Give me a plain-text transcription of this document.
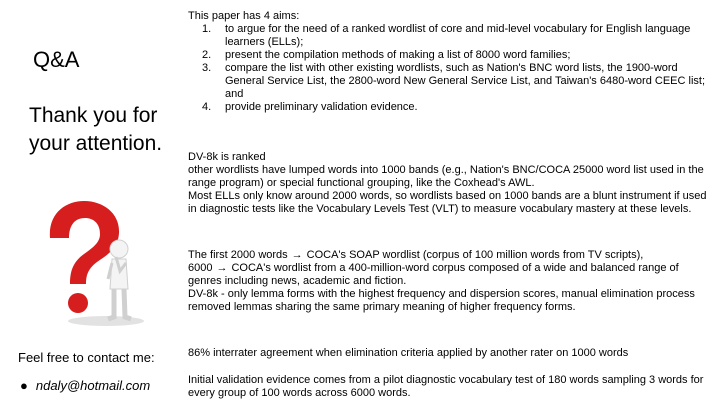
Q&A
Thank you for your attention.
Feel free to contact me:
● ndaly@hotmail.com
This paper has 4 aims:
1. to argue for the need of a ranked wordlist of core and mid-level vocabulary for English language learners (ELLs);
2. present the compilation methods of making a list of 8000 word families;
3. compare the list with other existing wordlists, such as Nation's BNC word lists, the 1900-word General Service List, the 2800-word New General Service List, and Taiwan's 6480-word CEEC list; and
4. provide preliminary validation evidence.
DV-8k is ranked
other wordlists have lumped words into 1000 bands (e.g., Nation's BNC/COCA 25000 word list used in the range program) or special functional grouping, like the Coxhead's AWL.
Most ELLs only know around 2000 words, so wordlists based on 1000 bands are a blunt instrument if used in diagnostic tests like the Vocabulary Levels Test (VLT) to measure vocabulary mastery at these levels.
The first 2000 words → COCA's SOAP wordlist (corpus of 100 million words from TV scripts),
6000 → COCA's wordlist from a 400-million-word corpus composed of a wide and balanced range of genres including news, academic and fiction.
DV-8k - only lemma forms with the highest frequency and dispersion scores, manual elimination process removed lemmas sharing the same primary meaning of higher frequency forms.
86% interrater agreement when elimination criteria applied by another rater on 1000 words
Initial validation evidence comes from a pilot diagnostic vocabulary test of 180 words sampling 3 words for every group of 100 words across 6000 words.
